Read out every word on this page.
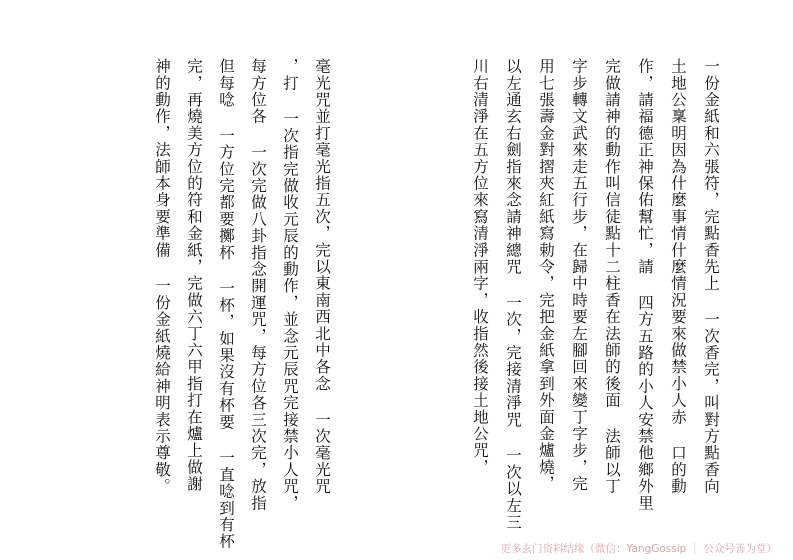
一份金紙和六張符，完點香先上 一次香完，叫對方點香向
土地公稟明因為什麼事情什麼情況要來做禁小人赤 口的動
作，請福德正神保佑幫忙，請 四方五路的小人安禁他鄉外里
完做請神的動作叫信徒點十二柱香在法師的後面 法師以丁
字步轉文武來走五行步，在歸中時要左腳回來變丁字步，完
用七張壽金對摺夾紅紙寫勅令，完把金紙拿到外面金爐燒，
以左通玄右劍指來念請神總咒 一次，完接清淨咒 一次以左三
川右清淨在五方位來寫清淨兩字，收指然後接土地公咒，
毫光咒並打毫光指五次，完以東南西北中各念 一次毫光咒
，打 一次指完做收元辰的動作，並念元辰咒完接禁小人咒，
每方位各 一次完做八卦指念開運咒，每方位各三次完，放指
但每唸 一方位完都要擲杯 一杯，如果沒有杯要 一直唸到有杯
完，再燒美方位的符和金紙，完做六丁六甲指打在爐上做謝
神的動作，法師本身要準備 一份金紙燒給神明表示尊敬。
更多玄门资料结缘（微信：YangGossip ｜ 公众号善为堂）
